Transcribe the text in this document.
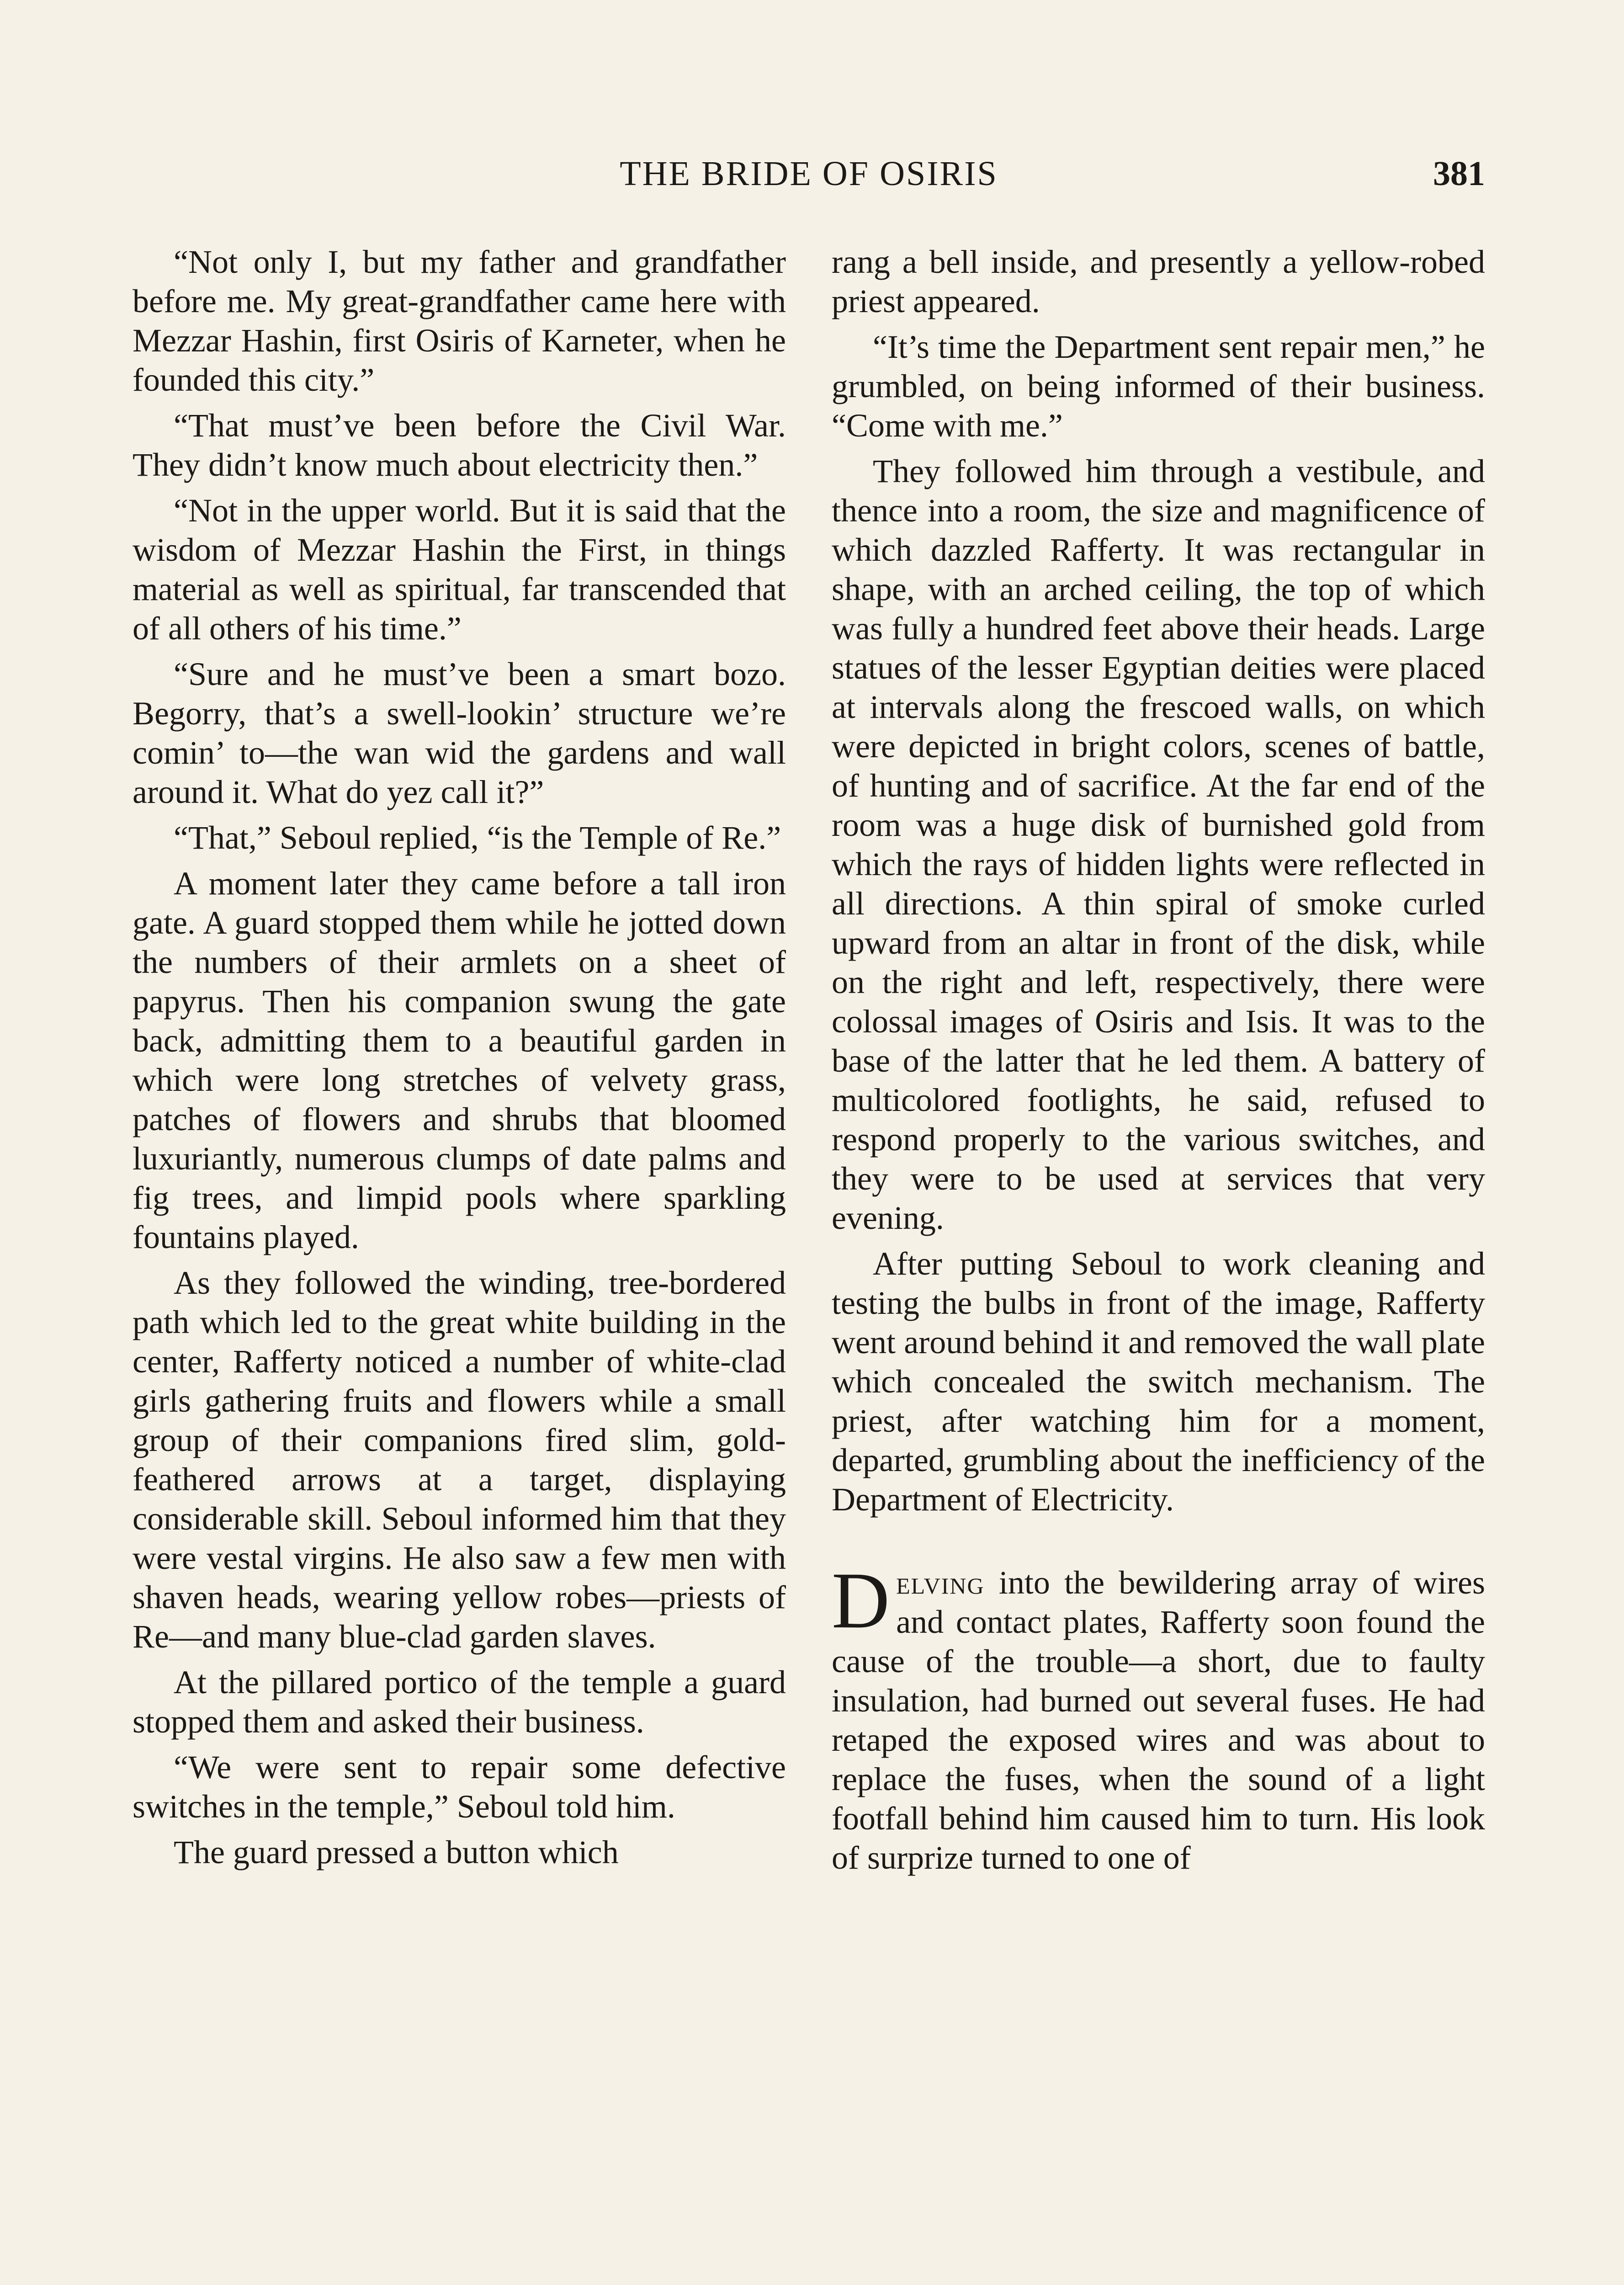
THE BRIDE OF OSIRIS	381

“Not only I, but my father and grandfather before me. My great-grandfather came here with Mezzar Hashin, first Osiris of Karneter, when he founded this city.”

“That must’ve been before the Civil War. They didn’t know much about electricity then.”

“Not in the upper world. But it is said that the wisdom of Mezzar Hashin the First, in things material as well as spiritual, far transcended that of all others of his time.”

“Sure and he must’ve been a smart bozo. Begorry, that’s a swell-lookin’ structure we’re comin’ to—the wan wid the gardens and wall around it. What do yez call it?”

“That,” Seboul replied, “is the Temple of Re.”

A moment later they came before a tall iron gate. A guard stopped them while he jotted down the numbers of their armlets on a sheet of papyrus. Then his companion swung the gate back, admitting them to a beautiful garden in which were long stretches of velvety grass, patches of flowers and shrubs that bloomed luxuriantly, numerous clumps of date palms and fig trees, and limpid pools where sparkling fountains played.

As they followed the winding, tree-bordered path which led to the great white building in the center, Rafferty noticed a number of white-clad girls gathering fruits and flowers while a small group of their companions fired slim, gold-feathered arrows at a target, displaying considerable skill. Seboul informed him that they were vestal virgins. He also saw a few men with shaven heads, wearing yellow robes—priests of Re—and many blue-clad garden slaves.

At the pillared portico of the temple a guard stopped them and asked their business.

“We were sent to repair some defective switches in the temple,” Seboul told him.

The guard pressed a button which

rang a bell inside, and presently a yellow-robed priest appeared.

“It’s time the Department sent repair men,” he grumbled, on being informed of their business. “Come with me.”

They followed him through a vestibule, and thence into a room, the size and magnificence of which dazzled Rafferty. It was rectangular in shape, with an arched ceiling, the top of which was fully a hundred feet above their heads. Large statues of the lesser Egyptian deities were placed at intervals along the frescoed walls, on which were depicted in bright colors, scenes of battle, of hunting and of sacrifice. At the far end of the room was a huge disk of burnished gold from which the rays of hidden lights were reflected in all directions. A thin spiral of smoke curled upward from an altar in front of the disk, while on the right and left, respectively, there were colossal images of Osiris and Isis. It was to the base of the latter that he led them. A battery of multicolored footlights, he said, refused to respond properly to the various switches, and they were to be used at services that very evening.

After putting Seboul to work cleaning and testing the bulbs in front of the image, Rafferty went around behind it and removed the wall plate which concealed the switch mechanism. The priest, after watching him for a moment, departed, grumbling about the inefficiency of the Department of Electricity.

Delving into the bewildering array of wires and contact plates, Rafferty soon found the cause of the trouble—a short, due to faulty insulation, had burned out several fuses. He had retaped the exposed wires and was about to replace the fuses, when the sound of a light footfall behind him caused him to turn. His look of surprize turned to one of
